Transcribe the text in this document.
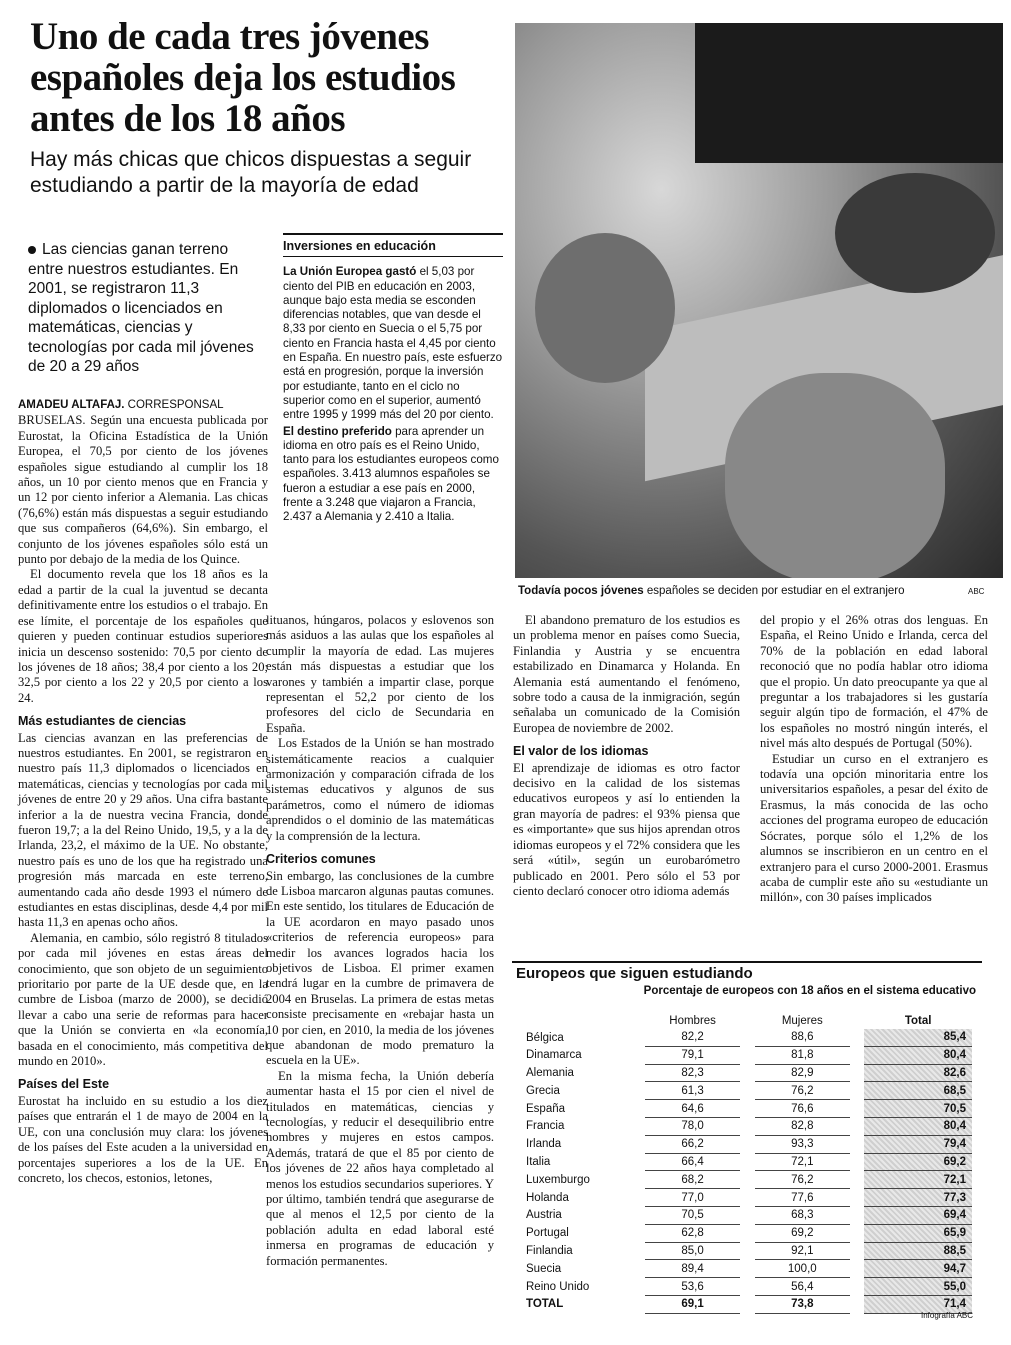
Uno de cada tres jóvenes españoles deja los estudios antes de los 18 años
Hay más chicas que chicos dispuestas a seguir estudiando a partir de la mayoría de edad
Las ciencias ganan terreno entre nuestros estudiantes. En 2001, se registraron 11,3 diplomados o licenciados en matemáticas, ciencias y tecnologías por cada mil jóvenes de 20 a 29 años

AMADEU ALTAFAJ. CORRESPONSAL

BRUSELAS. Según una encuesta publicada por Eurostat, la Oficina Estadística de la Unión Europea, el 70,5 por ciento de los jóvenes españoles sigue estudiando al cumplir los 18 años, un 10 por ciento menos que en Francia y un 12 por ciento inferior a Alemania. Las chicas (76,6%) están más dispuestas a seguir estudiando que sus compañeros (64,6%). Sin embargo, el conjunto de los jóvenes españoles sólo está un punto por debajo de la media de los Quince.

El documento revela que los 18 años es la edad a partir de la cual la juventud se decanta definitivamente entre los estudios o el trabajo. En ese límite, el porcentaje de los españoles que quieren y pueden continuar estudios superiores inicia un descenso sostenido: 70,5 por ciento de los jóvenes de 18 años; 38,4 por ciento a los 20; 32,5 por ciento a los 22 y 20,5 por ciento a los 24.

Más estudiantes de ciencias

Las ciencias avanzan en las preferencias de nuestros estudiantes. En 2001, se registraron en nuestro país 11,3 diplomados o licenciados en matemáticas, ciencias y tecnologías por cada mil jóvenes de entre 20 y 29 años. Una cifra bastante inferior a la de nuestra vecina Francia, donde fueron 19,7; a la del Reino Unido, 19,5, y a la de Irlanda, 23,2, el máximo de la UE. No obstante, nuestro país es uno de los que ha registrado una progresión más marcada en este terreno, aumentando cada año desde 1993 el número de estudiantes en estas disciplinas, desde 4,4 por mil hasta 11,3 en apenas ocho años.

Alemania, en cambio, sólo registró 8 titulados por cada mil jóvenes en estas áreas del conocimiento, que son objeto de un seguimiento prioritario por parte de la UE desde que, en la cumbre de Lisboa (marzo de 2000), se decidió llevar a cabo una serie de reformas para hacer que la Unión se convierta en «la economía, basada en el conocimiento, más competitiva del mundo en 2010».

Países del Este

Eurostat ha incluido en su estudio a los diez países que entrarán el 1 de mayo de 2004 en la UE, con una conclusión muy clara: los jóvenes de los países del Este acuden a la universidad en porcentajes superiores a los de la UE. En concreto, los checos, estonios, letones,

Inversiones en educación

La Unión Europea gastó el 5,03 por ciento del PIB en educación en 2003, aunque bajo esta media se esconden diferencias notables, que van desde el 8,33 por ciento en Suecia o el 5,75 por ciento en Francia hasta el 4,45 por ciento en España. En nuestro país, este esfuerzo está en progresión, porque la inversión por estudiante, tanto en el ciclo no superior como en el superior, aumentó entre 1995 y 1999 más del 20 por ciento.

El destino preferido para aprender un idioma en otro país es el Reino Unido, tanto para los estudiantes europeos como españoles. 3.413 alumnos españoles se fueron a estudiar a ese país en 2000, frente a 3.248 que viajaron a Francia, 2.437 a Alemania y 2.410 a Italia.

lituanos, húngaros, polacos y eslovenos son más asiduos a las aulas que los españoles al cumplir la mayoría de edad. Las mujeres están más dispuestas a estudiar que los varones y también a impartir clase, porque representan el 52,2 por ciento de los profesores del ciclo de Secundaria en España.

Los Estados de la Unión se han mostrado sistemáticamente reacios a cualquier armonización y comparación cifrada de los sistemas educativos y algunos de sus parámetros, como el número de idiomas aprendidos o el dominio de las matemáticas y la comprensión de la lectura.

Criterios comunes

Sin embargo, las conclusiones de la cumbre de Lisboa marcaron algunas pautas comunes. En este sentido, los titulares de Educación de la UE acordaron en mayo pasado unos «criterios de referencia europeos» para medir los avances logrados hacia los objetivos de Lisboa. El primer examen tendrá lugar en la cumbre de primavera de 2004 en Bruselas. La primera de estas metas consiste precisamente en «rebajar hasta un 10 por cien, en 2010, la media de los jóvenes que abandonan de modo prematuro la escuela en la UE».

En la misma fecha, la Unión debería aumentar hasta el 15 por cien el nivel de titulados en matemáticas, ciencias y tecnologías, y reducir el desequilibrio entre hombres y mujeres en estos campos. Además, tratará de que el 85 por ciento de los jóvenes de 22 años haya completado al menos los estudios secundarios superiores. Y por último, también tendrá que asegurarse de que al menos el 12,5 por ciento de la población adulta en edad laboral esté inmersa en programas de educación y formación permanentes.

Todavía pocos jóvenes españoles se deciden por estudiar en el extranjero	ABC

El abandono prematuro de los estudios es un problema menor en países como Suecia, Finlandia y Austria y se encuentra estabilizado en Dinamarca y Holanda. En Alemania está aumentando el fenómeno, sobre todo a causa de la inmigración, según señalaba un comunicado de la Comisión Europea de noviembre de 2002.

El valor de los idiomas

El aprendizaje de idiomas es otro factor decisivo en la calidad de los sistemas educativos europeos y así lo entienden la gran mayoría de padres: el 93% piensa que es «importante» que sus hijos aprendan otros idiomas europeos y el 72% considera que les será «útil», según un eurobarómetro publicado en 2001. Pero sólo el 53 por ciento declaró conocer otro idioma además

del propio y el 26% otras dos lenguas. En España, el Reino Unido e Irlanda, cerca del 70% de la población en edad laboral reconoció que no podía hablar otro idioma que el propio. Un dato preocupante ya que al preguntar a los trabajadores si les gustaría seguir algún tipo de formación, el 47% de los españoles no mostró ningún interés, el nivel más alto después de Portugal (50%).

Estudiar un curso en el extranjero es todavía una opción minoritaria entre los universitarios españoles, a pesar del éxito de Erasmus, la más conocida de las ocho acciones del programa europeo de educación Sócrates, porque sólo el 1,2% de los alumnos se inscribieron en un centro en el extranjero para el curso 2000-2001. Erasmus acaba de cumplir este año su «estudiante un millón», con 30 países implicados

Europeos que siguen estudiando
Porcentaje de europeos con 18 años en el sistema educativo
	Hombres		Mujeres		Total
Bélgica	82,2		88,6		85,4
Dinamarca	79,1		81,8		80,4
Alemania	82,3		82,9		82,6
Grecia	61,3		76,2		68,5
España	64,6		76,6		70,5
Francia	78,0		82,8		80,4
Irlanda	66,2		93,3		79,4
Italia	66,4		72,1		69,2
Luxemburgo	68,2		76,2		72,1
Holanda	77,0		77,6		77,3
Austria	70,5		68,3		69,4
Portugal	62,8		69,2		65,9
Finlandia	85,0		92,1		88,5
Suecia	89,4		100,0		94,7
Reino Unido	53,6		56,4		55,0
TOTAL	69,1		73,8		71,4
Infografía ABC
